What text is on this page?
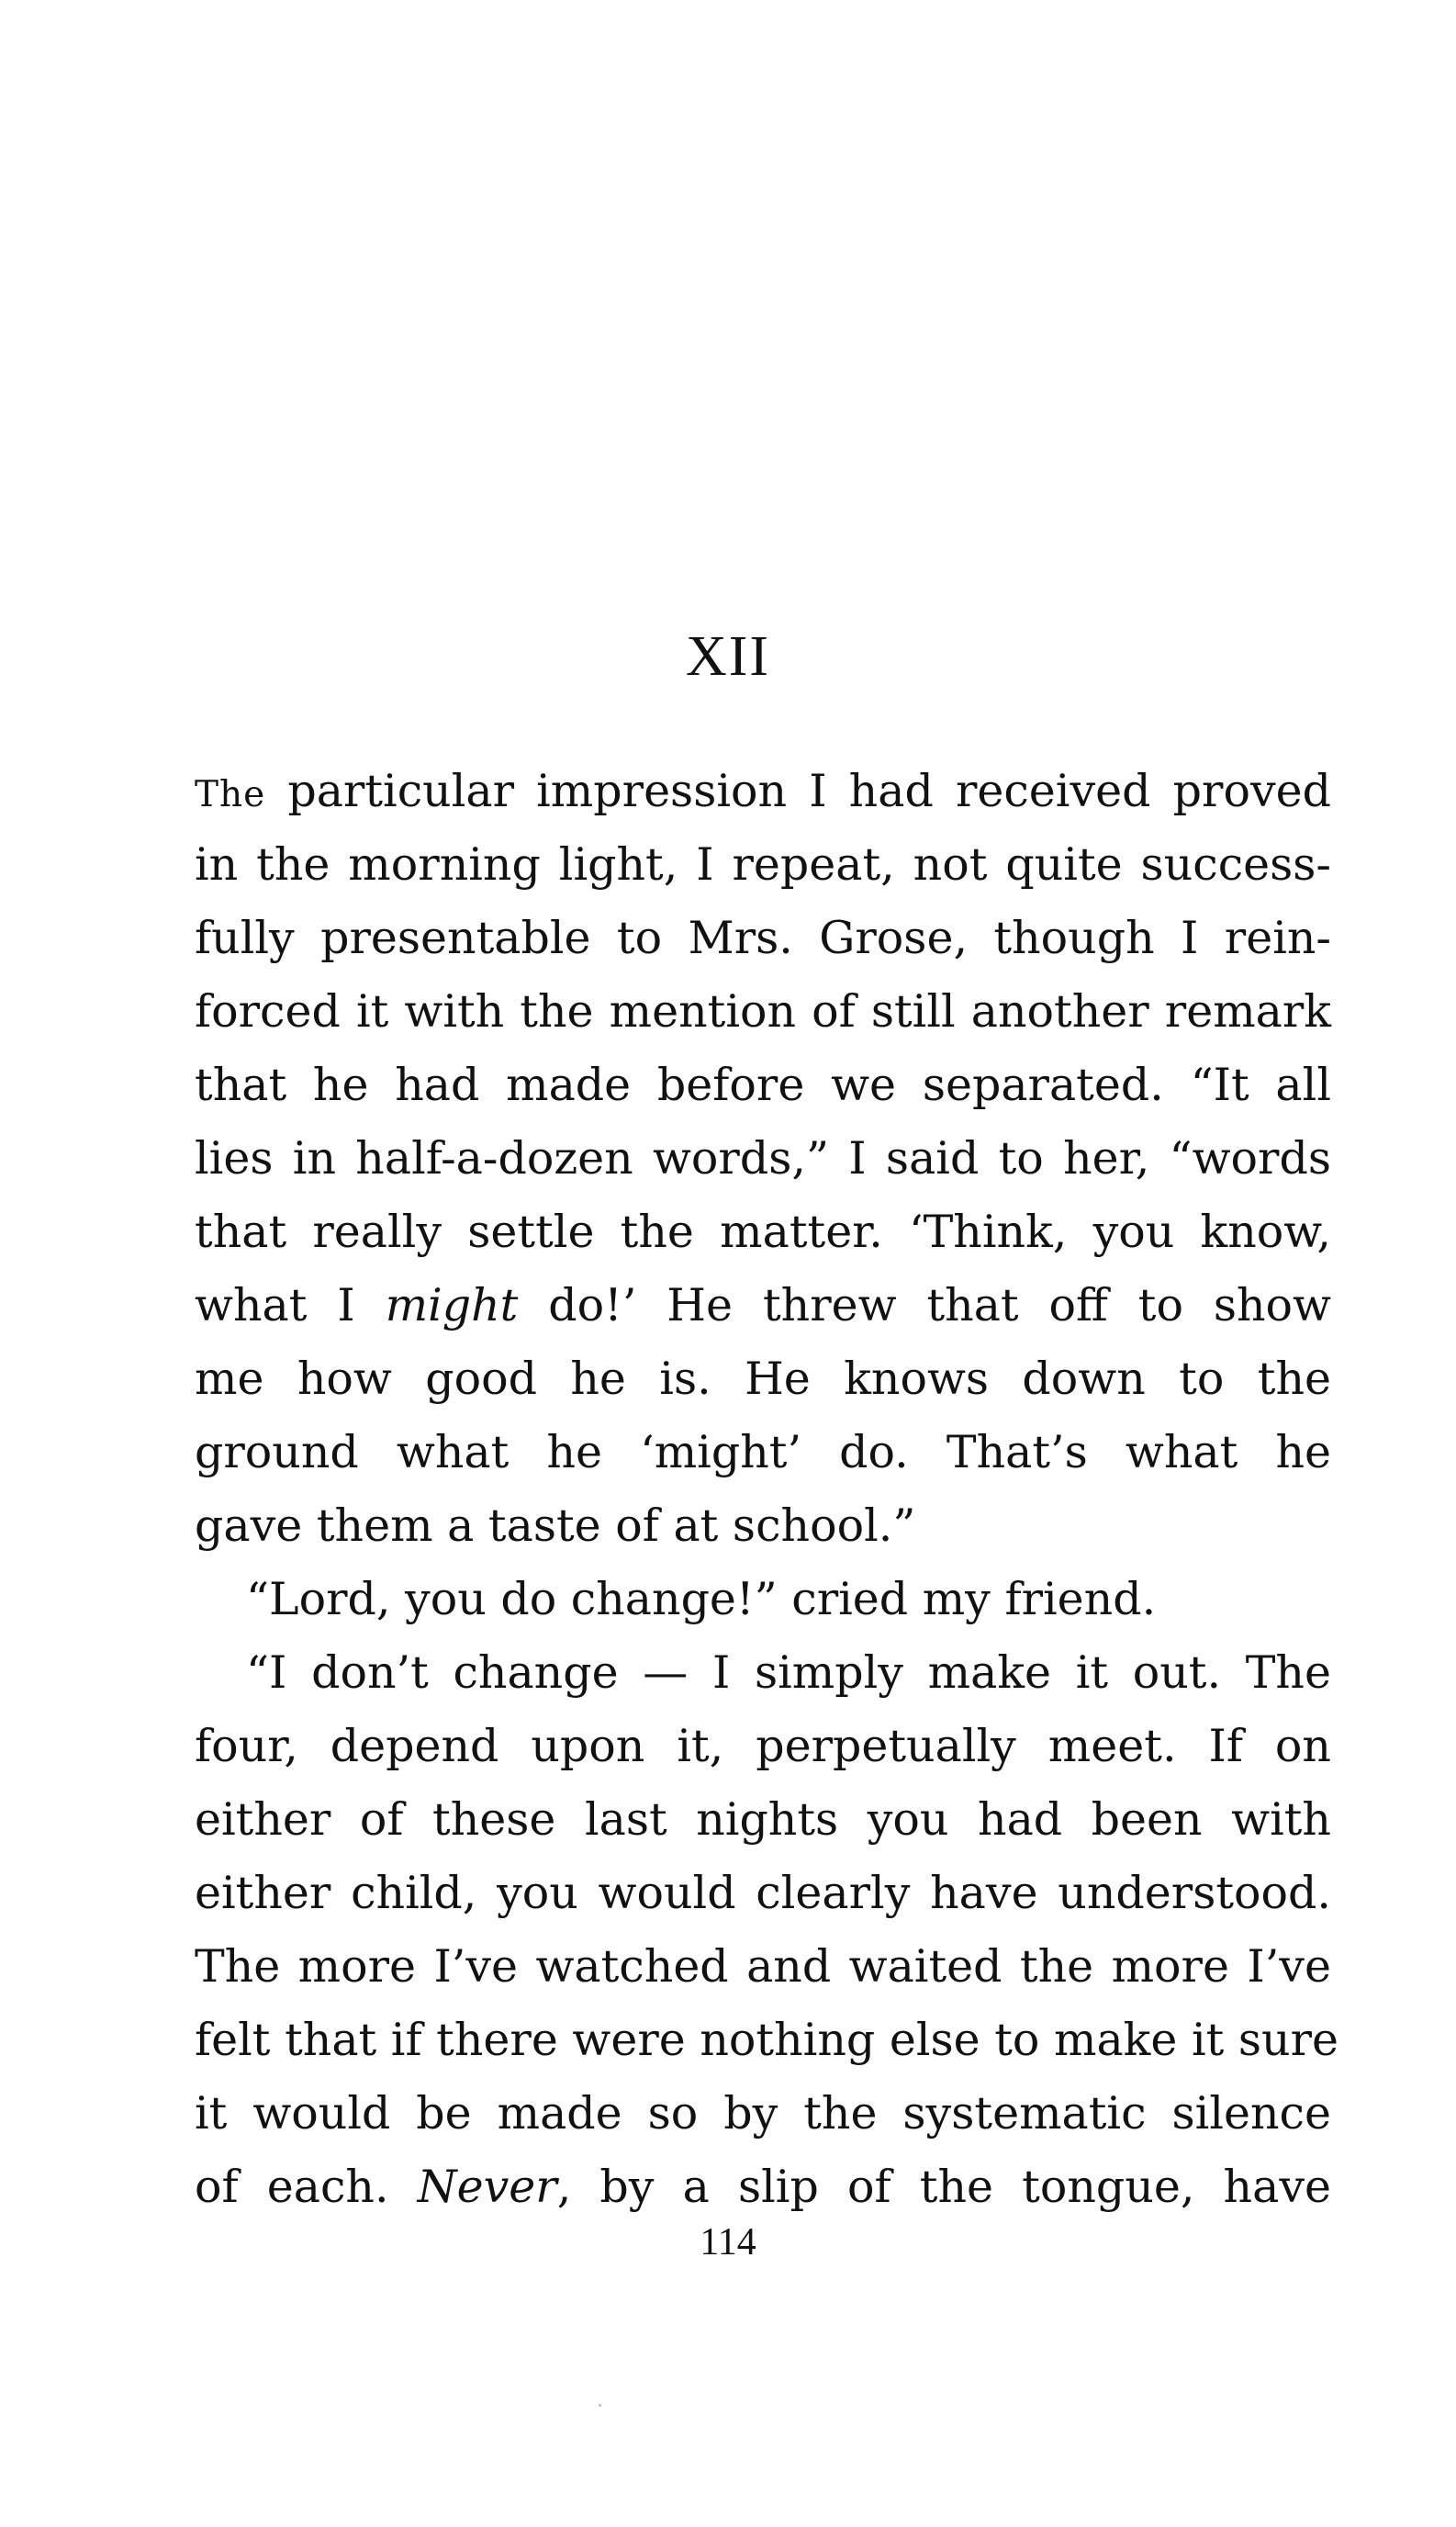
XII
The particular impression I had received proved
in the morning light, I repeat, not quite success-
fully presentable to Mrs. Grose, though I rein-
forced it with the mention of still another remark
that he had made before we separated. “It all
lies in half-a-dozen words,” I said to her, “words
that really settle the matter. ‘Think, you know,
what I might do!’ He threw that off to show
me how good he is. He knows down to the
ground what he ‘might’ do. That’s what he
gave them a taste of at school.”
“Lord, you do change!” cried my friend.
“I don’t change — I simply make it out. The
four, depend upon it, perpetually meet. If on
either of these last nights you had been with
either child, you would clearly have understood.
The more I’ve watched and waited the more I’ve
felt that if there were nothing else to make it sure
it would be made so by the systematic silence
of each. Never, by a slip of the tongue, have
114
